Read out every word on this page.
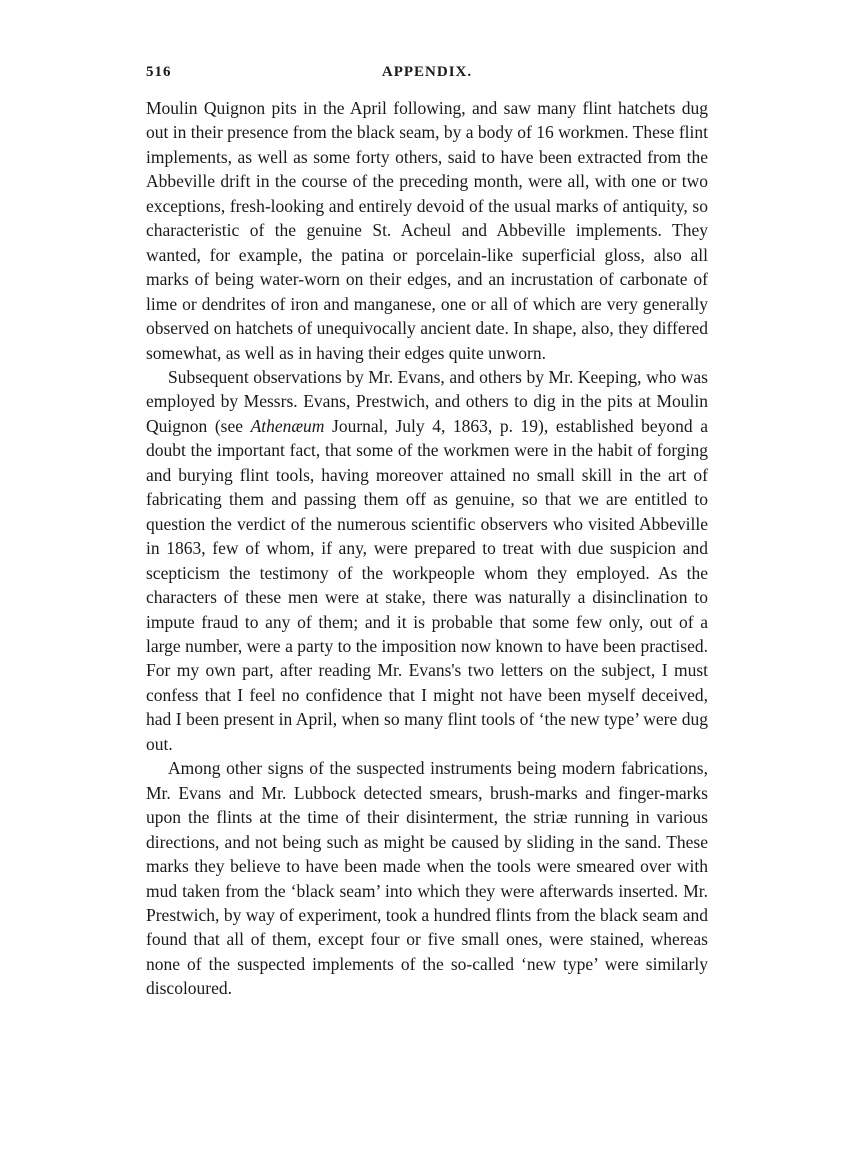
516	APPENDIX.

Moulin Quignon pits in the April following, and saw many flint hatchets dug out in their presence from the black seam, by a body of 16 workmen. These flint implements, as well as some forty others, said to have been extracted from the Abbeville drift in the course of the preceding month, were all, with one or two exceptions, fresh-looking and entirely devoid of the usual marks of antiquity, so characteristic of the genuine St. Acheul and Abbeville implements. They wanted, for example, the patina or porcelain-like superficial gloss, also all marks of being water-worn on their edges, and an incrustation of carbonate of lime or dendrites of iron and manganese, one or all of which are very generally observed on hatchets of unequivocally ancient date. In shape, also, they differed somewhat, as well as in having their edges quite unworn.

Subsequent observations by Mr. Evans, and others by Mr. Keeping, who was employed by Messrs. Evans, Prestwich, and others to dig in the pits at Moulin Quignon (see Athenæum Journal, July 4, 1863, p. 19), established beyond a doubt the important fact, that some of the workmen were in the habit of forging and burying flint tools, having moreover attained no small skill in the art of fabricating them and passing them off as genuine, so that we are entitled to question the verdict of the numerous scientific observers who visited Abbeville in 1863, few of whom, if any, were prepared to treat with due suspicion and scepticism the testimony of the workpeople whom they employed. As the characters of these men were at stake, there was naturally a disinclination to impute fraud to any of them; and it is probable that some few only, out of a large number, were a party to the imposition now known to have been practised. For my own part, after reading Mr. Evans's two letters on the subject, I must confess that I feel no confidence that I might not have been myself deceived, had I been present in April, when so many flint tools of ‘the new type’ were dug out.

Among other signs of the suspected instruments being modern fabrications, Mr. Evans and Mr. Lubbock detected smears, brush-marks and finger-marks upon the flints at the time of their disinterment, the striæ running in various directions, and not being such as might be caused by sliding in the sand. These marks they believe to have been made when the tools were smeared over with mud taken from the ‘black seam’ into which they were afterwards inserted. Mr. Prestwich, by way of experiment, took a hundred flints from the black seam and found that all of them, except four or five small ones, were stained, whereas none of the suspected implements of the so-called ‘new type’ were similarly discoloured.
